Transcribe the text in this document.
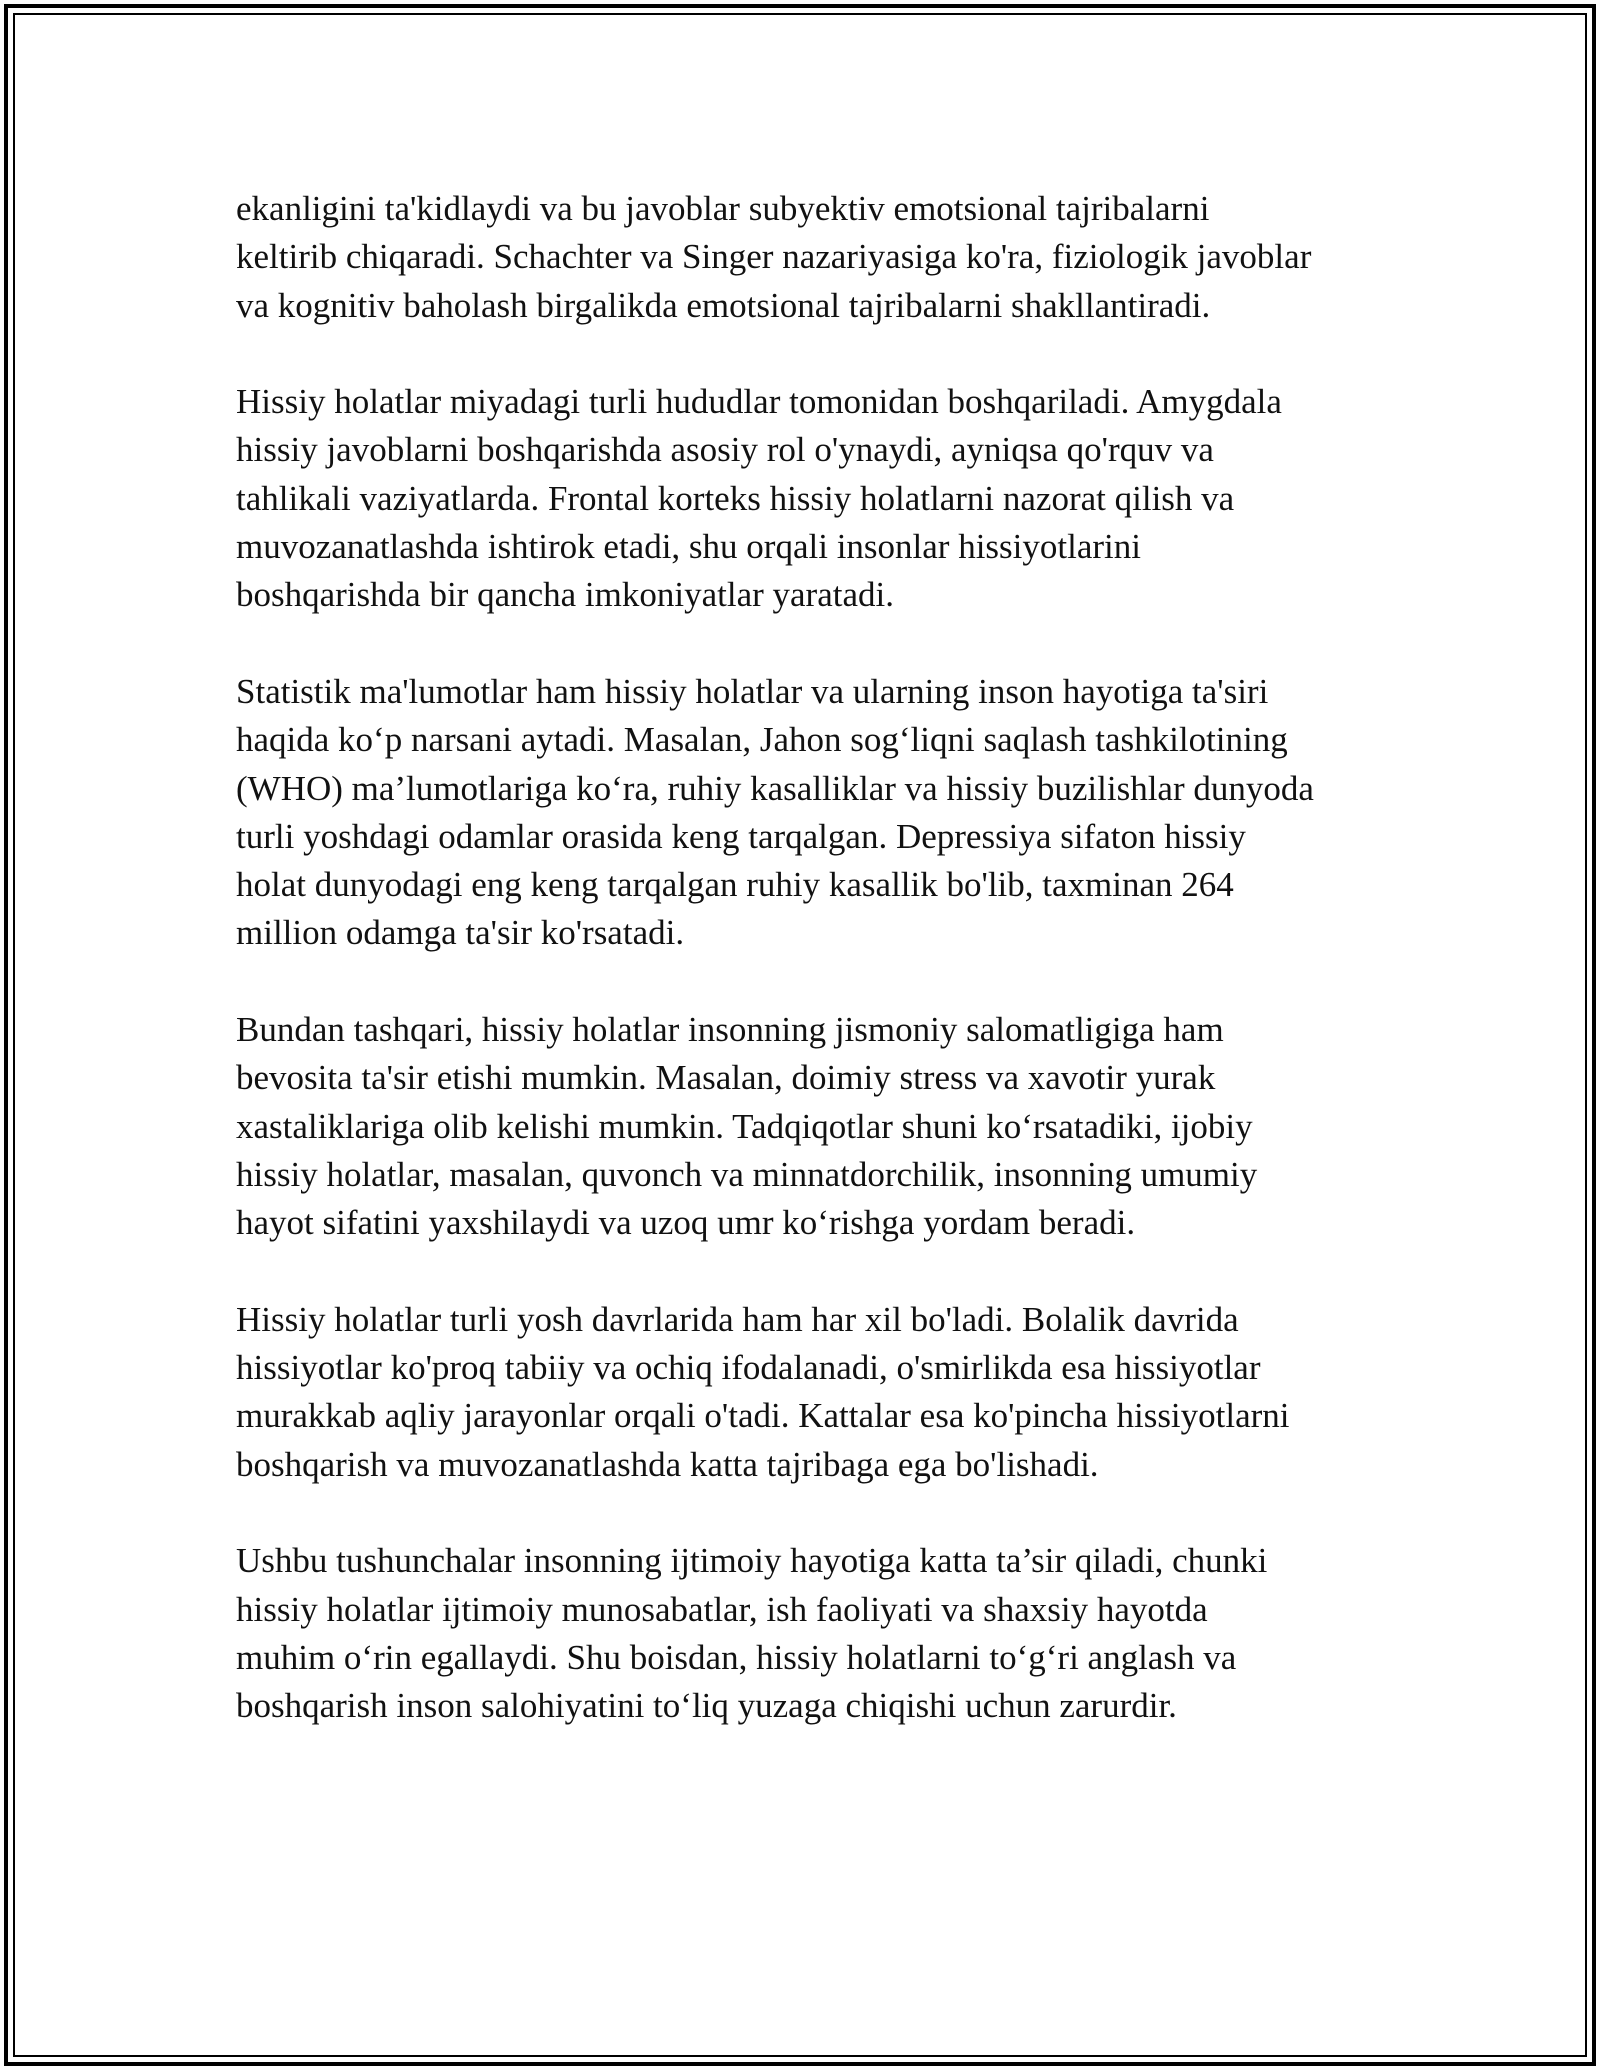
ekanligini ta'kidlaydi va bu javoblar subyektiv emotsional tajribalarni
keltirib chiqaradi. Schachter va Singer nazariyasiga ko'ra, fiziologik javoblar
va kognitiv baholash birgalikda emotsional tajribalarni shakllantiradi.

Hissiy holatlar miyadagi turli hududlar tomonidan boshqariladi. Amygdala
hissiy javoblarni boshqarishda asosiy rol o'ynaydi, ayniqsa qo'rquv va
tahlikali vaziyatlarda. Frontal korteks hissiy holatlarni nazorat qilish va
muvozanatlashda ishtirok etadi, shu orqali insonlar hissiyotlarini
boshqarishda bir qancha imkoniyatlar yaratadi.

Statistik ma'lumotlar ham hissiy holatlar va ularning inson hayotiga ta'siri
haqida ko‘p narsani aytadi. Masalan, Jahon sog‘liqni saqlash tashkilotining
(WHO) ma’lumotlariga ko‘ra, ruhiy kasalliklar va hissiy buzilishlar dunyoda
turli yoshdagi odamlar orasida keng tarqalgan. Depressiya sifaton hissiy
holat dunyodagi eng keng tarqalgan ruhiy kasallik bo'lib, taxminan 264
million odamga ta'sir ko'rsatadi.

Bundan tashqari, hissiy holatlar insonning jismoniy salomatligiga ham
bevosita ta'sir etishi mumkin. Masalan, doimiy stress va xavotir yurak
xastaliklariga olib kelishi mumkin. Tadqiqotlar shuni ko‘rsatadiki, ijobiy
hissiy holatlar, masalan, quvonch va minnatdorchilik, insonning umumiy
hayot sifatini yaxshilaydi va uzoq umr ko‘rishga yordam beradi.

Hissiy holatlar turli yosh davrlarida ham har xil bo'ladi. Bolalik davrida
hissiyotlar ko'proq tabiiy va ochiq ifodalanadi, o'smirlikda esa hissiyotlar
murakkab aqliy jarayonlar orqali o'tadi. Kattalar esa ko'pincha hissiyotlarni
boshqarish va muvozanatlashda katta tajribaga ega bo'lishadi.

Ushbu tushunchalar insonning ijtimoiy hayotiga katta ta’sir qiladi, chunki
hissiy holatlar ijtimoiy munosabatlar, ish faoliyati va shaxsiy hayotda
muhim o‘rin egallaydi. Shu boisdan, hissiy holatlarni to‘g‘ri anglash va
boshqarish inson salohiyatini to‘liq yuzaga chiqishi uchun zarurdir.
